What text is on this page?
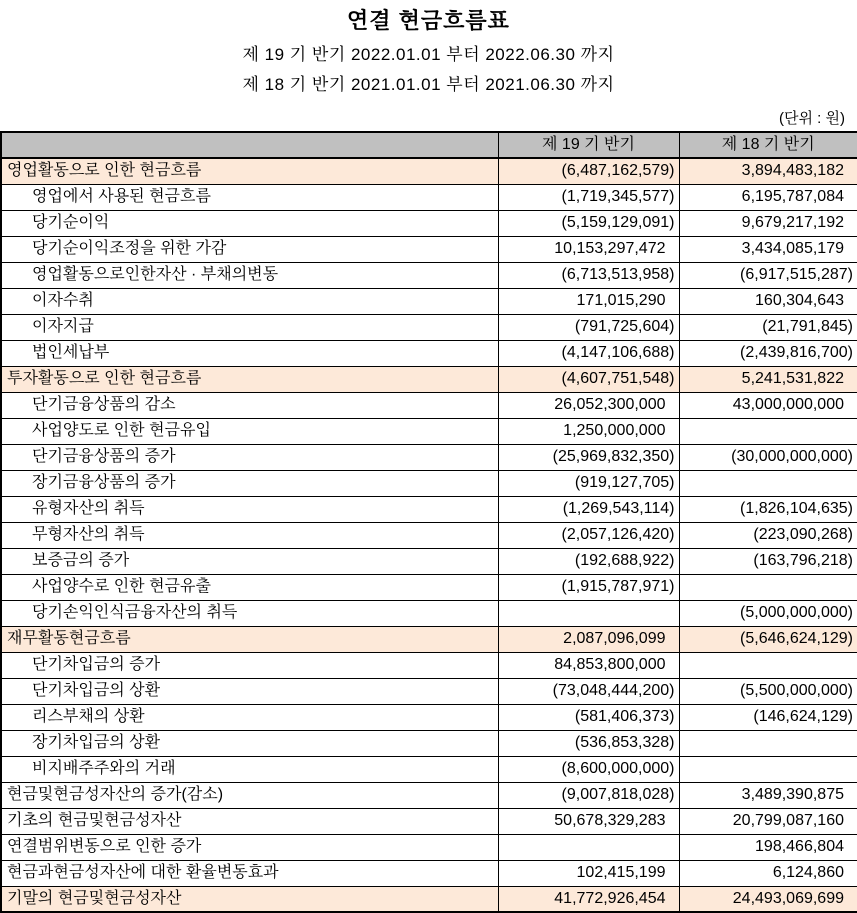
연결 현금흐름표
제 19 기 반기 2022.01.01 부터 2022.06.30 까지
제 18 기 반기 2021.01.01 부터 2021.06.30 까지
(단위 : 원)
	제 19 기 반기	제 18 기 반기
영업활동으로 인한 현금흐름	(6,487,162,579)	3,894,483,182
영업에서 사용된 현금흐름	(1,719,345,577)	6,195,787,084
당기순이익	(5,159,129,091)	9,679,217,192
당기순이익조정을 위한 가감	10,153,297,472	3,434,085,179
영업활동으로인한자산 · 부채의변동	(6,713,513,958)	(6,917,515,287)
이자수취	171,015,290	160,304,643
이자지급	(791,725,604)	(21,791,845)
법인세납부	(4,147,106,688)	(2,439,816,700)
투자활동으로 인한 현금흐름	(4,607,751,548)	5,241,531,822
단기금융상품의 감소	26,052,300,000	43,000,000,000
사업양도로 인한 현금유입	1,250,000,000	
단기금융상품의 증가	(25,969,832,350)	(30,000,000,000)
장기금융상품의 증가	(919,127,705)	
유형자산의 취득	(1,269,543,114)	(1,826,104,635)
무형자산의 취득	(2,057,126,420)	(223,090,268)
보증금의 증가	(192,688,922)	(163,796,218)
사업양수로 인한 현금유출	(1,915,787,971)	
당기손익인식금융자산의 취득		(5,000,000,000)
재무활동현금흐름	2,087,096,099	(5,646,624,129)
단기차입금의 증가	84,853,800,000	
단기차입금의 상환	(73,048,444,200)	(5,500,000,000)
리스부채의 상환	(581,406,373)	(146,624,129)
장기차입금의 상환	(536,853,328)	
비지배주주와의 거래	(8,600,000,000)	
현금및현금성자산의 증가(감소)	(9,007,818,028)	3,489,390,875
기초의 현금및현금성자산	50,678,329,283	20,799,087,160
연결범위변동으로 인한 증가		198,466,804
현금과현금성자산에 대한 환율변동효과	102,415,199	6,124,860
기말의 현금및현금성자산	41,772,926,454	24,493,069,699
